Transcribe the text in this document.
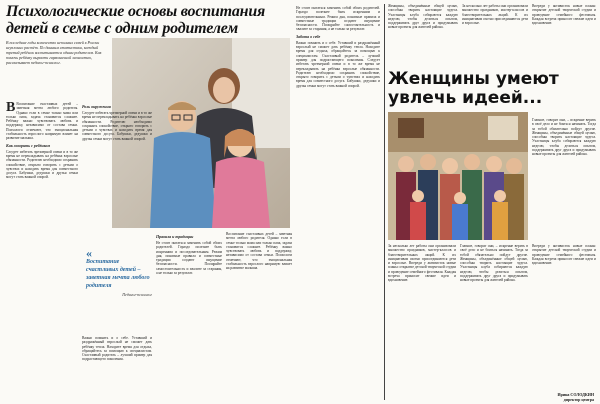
Психологические основы воспитания детей в семье с одним родителем
В последние годы количество неполных семей в России неуклонно растёт. По данным статистики, каждый третий ребёнок воспитывается одним родителем. Как помочь ребёнку вырасти гармоничной личностью, рассказывает педагог-психолог.
В Воспитание счастливых детей – заветная мечта любого родителя. Однако если в семье только мама или только папа, задача становится сложнее. Ребёнку важно чувствовать любовь и поддержку, независимо от состава семьи. Психологи отмечают, что эмоциональная стабильность взрослого напрямую влияет на развитие малыша.
Как говорить с ребёнком
Следует избегать чрезмерной опеки и в то же время не перекладывать на ребёнка взрослые обязанности. Родителю необходимо сохранять спокойствие, открыто говорить с детьми о чувствах и находить время для совместного досуга. Бабушки, дедушки и друзья семьи могут стать важной опорой.
Роль окружения
Следует избегать чрезмерной опеки и в то же время не перекладывать на ребёнка взрослые обязанности. Родителю необходимо сохранять спокойствие, открыто говорить с детьми о чувствах и находить время для совместного досуга. Бабушки, дедушки и друзья семьи могут стать важной опорой.
«
Воспитание счастливых детей – заветная мечта любого родителя
Педагог-психолог
Важно помнить и о себе. Уставший и раздражённый взрослый не сможет дать ребёнку тепла. Находите время для отдыха, обращайтесь за помощью к специалистам. Счастливый родитель – лучший пример для подрастающего поколения.
Правила и традиции
Не стоит пытаться заменить собой обоих родителей. Гораздо полезнее быть искренним и последовательным. Режим дня, понятные правила и совместные традиции создают ощущение безопасности. Поощряйте самостоятельность и хвалите за старания, а не только за результат.
Воспитание счастливых детей – заветная мечта любого родителя. Однако если в семье только мама или только папа, задача становится сложнее. Ребёнку важно чувствовать любовь и поддержку, независимо от состава семьи. Психологи отмечают, что эмоциональная стабильность взрослого напрямую влияет на развитие малыша.
Не стоит пытаться заменить собой обоих родителей. Гораздо полезнее быть искренним и последовательным. Режим дня, понятные правила и совместные традиции создают ощущение безопасности. Поощряйте самостоятельность и хвалите за старания, а не только за результат.
Забота о себе
Важно помнить и о себе. Уставший и раздражённый взрослый не сможет дать ребёнку тепла. Находите время для отдыха, обращайтесь за помощью к специалистам. Счастливый родитель – лучший пример для подрастающего поколения. Следует избегать чрезмерной опеки и в то же время не перекладывать на ребёнка взрослые обязанности. Родителю необходимо сохранять спокойствие, открыто говорить с детьми о чувствах и находить время для совместного досуга. Бабушки, дедушки и друзья семьи могут стать важной опорой.
Женщины, объединённые общей целью, способны творить настоящие чудеса. Участницы клуба собираются каждую неделю, чтобы делиться опытом, поддерживать друг друга и придумывать новые проекты для жителей района.
За несколько лет работы они организовали множество праздников, мастер-классов и благотворительных акций. К их инициативам охотно присоединяются дети и взрослые.
Впереди у активисток новые планы: открытие детской творческой студии и проведение семейного фестиваля. Каждая встреча приносит свежие идеи и вдохновение.
Женщины умеют увлечь идеей...
Главное, говорят они, – искренне верить в своё дело и не бояться начинать. Тогда за тобой обязательно пойдут другие. Женщины, объединённые общей целью, способны творить настоящие чудеса. Участницы клуба собираются каждую неделю, чтобы делиться опытом, поддерживать друг друга и придумывать новые проекты для жителей района.
За несколько лет работы они организовали множество праздников, мастер-классов и благотворительных акций. К их инициативам охотно присоединяются дети и взрослые. Впереди у активисток новые планы: открытие детской творческой студии и проведение семейного фестиваля. Каждая встреча приносит свежие идеи и вдохновение.
Главное, говорят они, – искренне верить в своё дело и не бояться начинать. Тогда за тобой обязательно пойдут другие. Женщины, объединённые общей целью, способны творить настоящие чудеса. Участницы клуба собираются каждую неделю, чтобы делиться опытом, поддерживать друг друга и придумывать новые проекты для жителей района.
Впереди у активисток новые планы: открытие детской творческой студии и проведение семейного фестиваля. Каждая встреча приносит свежие идеи и вдохновение.
Ирина СОЛОДКИН
директор центра
